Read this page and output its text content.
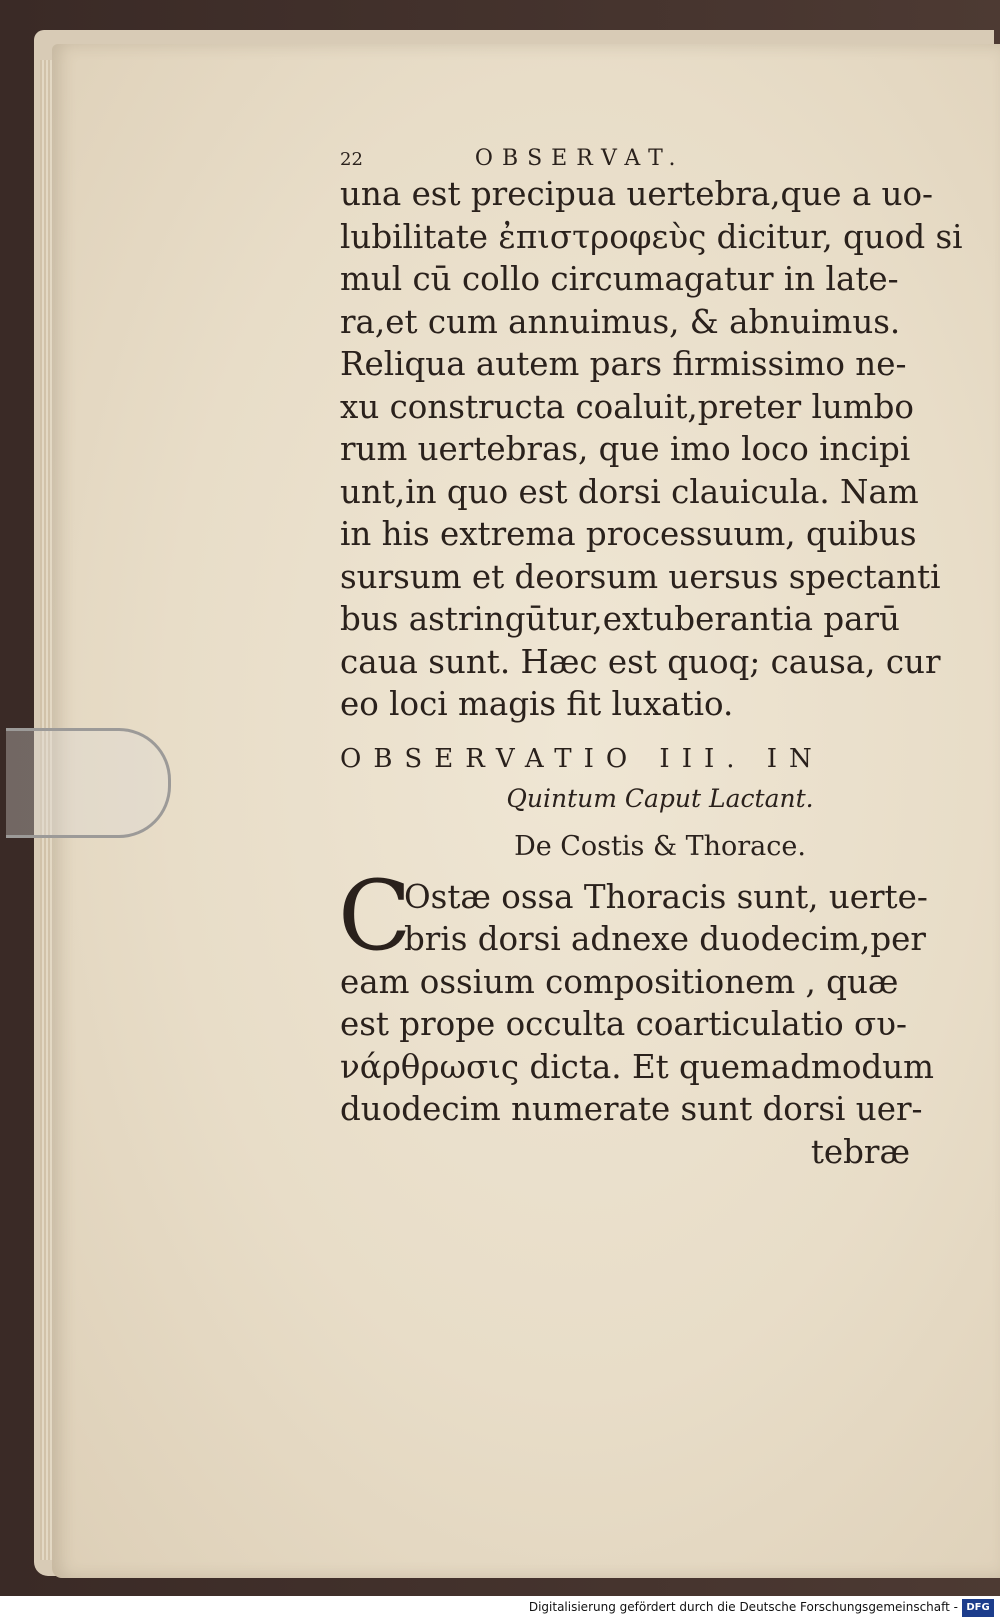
22	OBSERVAT.
una est precipua uertebra,que a uo-
lubilitate ἐπιστροφεὺς dicitur, quod si
mul cū collo circumagatur in late-
ra,et cum annuimus, & abnuimus.
Reliqua autem pars firmissimo ne-
xu constructa coaluit,preter lumbo
rum uertebras, que imo loco incipi
unt,in quo est dorsi clauicula. Nam
in his extrema processuum, quibus
sursum et deorsum uersus spectanti
bus astringūtur,extuberantia parū
caua sunt. Hæc est quoq; causa, cur
eo loci magis fit luxatio.
OBSERVATIO III. IN
Quintum Caput Lactant.
De Costis & Thorace.
C
Ostæ ossa Thoracis sunt, uerte-
bris dorsi adnexe duodecim,per
eam ossium compositionem , quæ
est prope occulta coarticulatio συ-
νάρθρωσις dicta. Et quemadmodum
duodecim numerate sunt dorsi uer-
tebræ
Digitalisierung gefördert durch die Deutsche Forschungsgemeinschaft - DFG
